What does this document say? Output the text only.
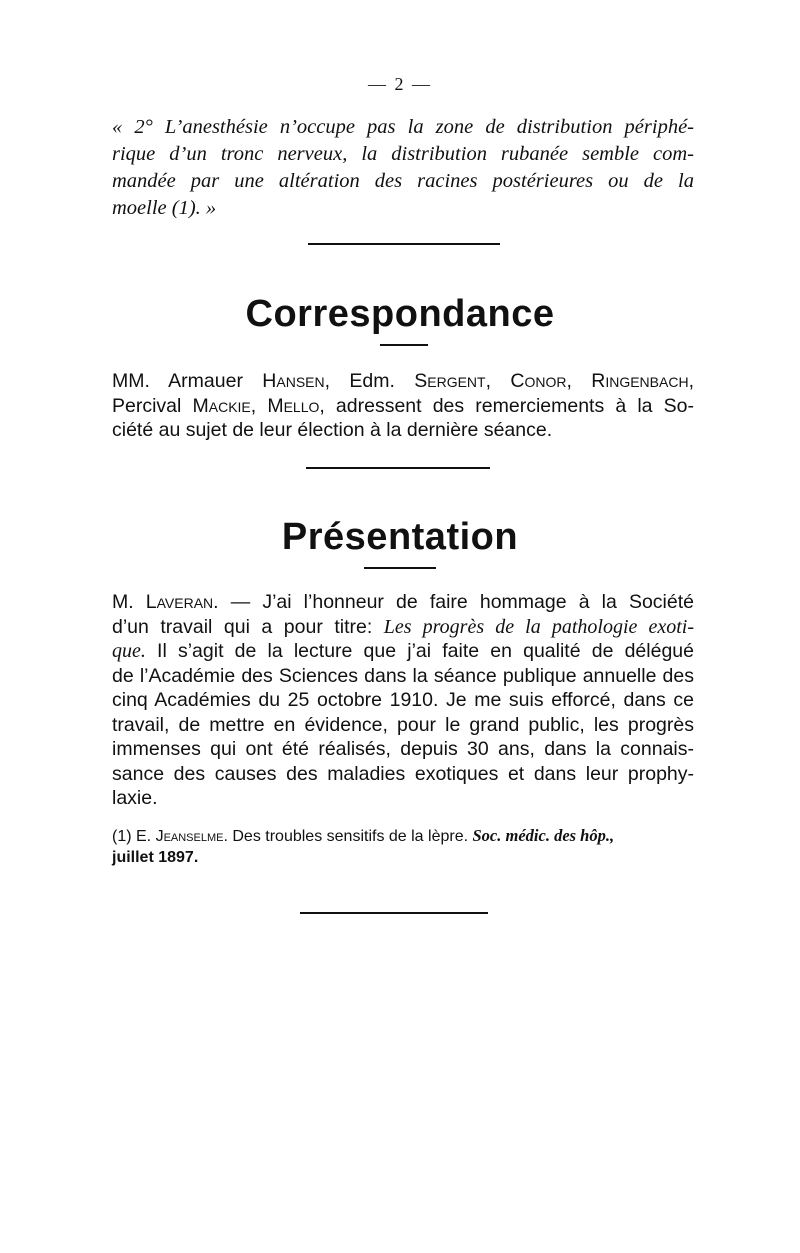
— 2 —
« 2° L’anesthésie n’occupe pas la zone de distribution périphé-
rique d’un tronc nerveux, la distribution rubanée semble com-
mandée par une altération des racines postérieures ou de la
moelle (1). »
Correspondance
MM. Armauer Hansen, Edm. Sergent, Conor, Ringenbach,
Percival Mackie, Mello, adressent des remerciements à la So-
ciété au sujet de leur élection à la dernière séance.
Présentation
M. Laveran. — J’ai l’honneur de faire hommage à la Société
d’un travail qui a pour titre: Les progrès de la pathologie exoti-
que. Il s’agit de la lecture que j’ai faite en qualité de délégué
de l’Académie des Sciences dans la séance publique annuelle des
cinq Académies du 25 octobre 1910. Je me suis efforcé, dans ce
travail, de mettre en évidence, pour le grand public, les progrès
immenses qui ont été réalisés, depuis 30 ans, dans la connais-
sance des causes des maladies exotiques et dans leur prophy-
laxie.
(1) E. Jeanselme. Des troubles sensitifs de la lèpre. Soc. médic. des hôp.,
juillet 1897.
